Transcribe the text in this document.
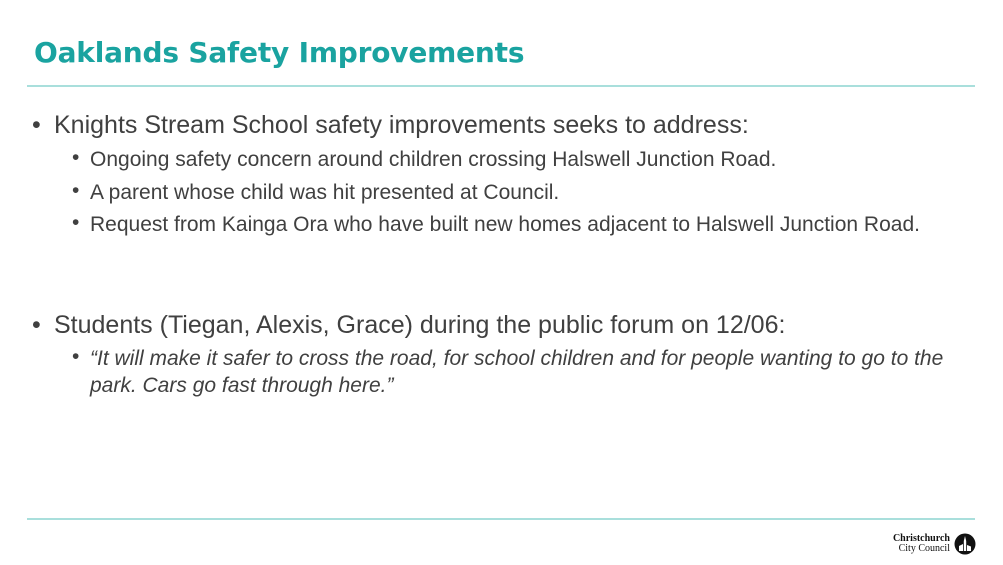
Oaklands Safety Improvements
• Knights Stream School safety improvements seeks to address:
• Ongoing safety concern around children crossing Halswell Junction Road.
• A parent whose child was hit presented at Council.
• Request from Kainga Ora who have built new homes adjacent to Halswell Junction Road.
• Students (Tiegan, Alexis, Grace) during the public forum on 12/06:
• “It will make it safer to cross the road, for school children and for people wanting to go to the park. Cars go fast through here.”
Christchurch
City Council
